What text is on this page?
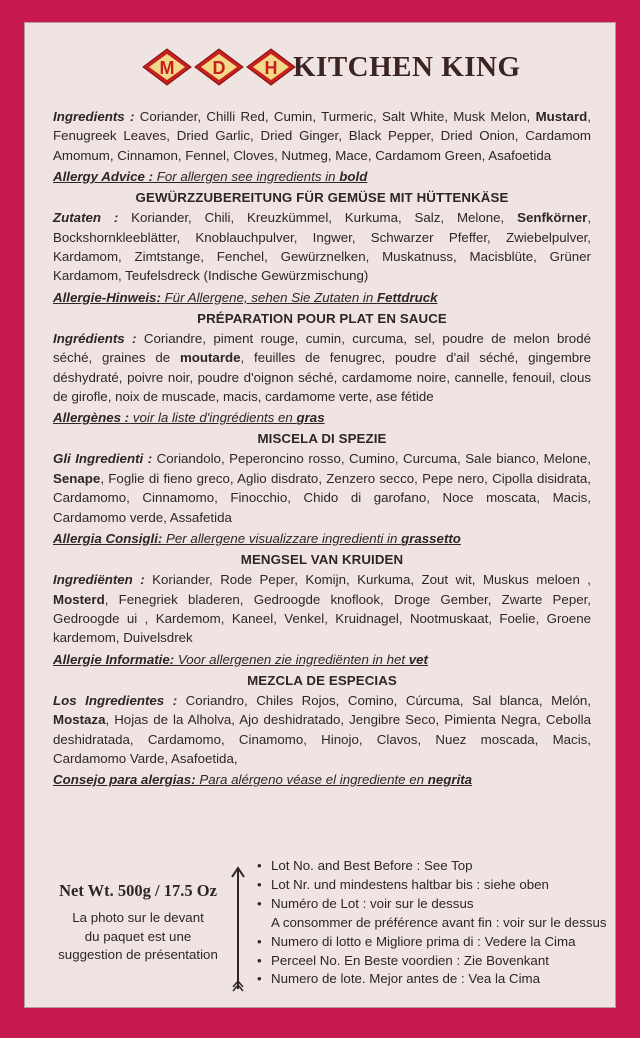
M D H KITCHEN KING
Ingredients : Coriander, Chilli Red, Cumin, Turmeric, Salt White, Musk Melon, Mustard, Fenugreek Leaves, Dried Garlic, Dried Ginger, Black Pepper, Dried Onion, Cardamom Amomum, Cinnamon, Fennel, Cloves, Nutmeg, Mace, Cardamom Green, Asafoetida
Allergy Advice : For allergen see ingredients in bold
GEWÜRZZUBEREITUNG FÜR GEMÜSE MIT HÜTTENKÄSE
Zutaten : Koriander, Chili, Kreuzkümmel, Kurkuma, Salz, Melone, Senfkörner, Bockshornkleeblätter, Knoblauchpulver, Ingwer, Schwarzer Pfeffer, Zwiebelpulver, Kardamom, Zimtstange, Fenchel, Gewürznelken, Muskatnuss, Macisblüte, Grüner Kardamom, Teufelsdreck (Indische Gewürzmischung)
Allergie-Hinweis: Für Allergene, sehen Sie Zutaten in Fettdruck
PRÉPARATION POUR PLAT EN SAUCE
Ingrédients : Coriandre, piment rouge, cumin, curcuma, sel, poudre de melon brodé séché, graines de moutarde, feuilles de fenugrec, poudre d'ail séché, gingembre déshydraté, poivre noir, poudre d'oignon séché, cardamome noire, cannelle, fenouil, clous de girofle, noix de muscade, macis, cardamome verte, ase fétide
Allergènes : voir la liste d'ingrédients en gras
MISCELA DI SPEZIE
Gli Ingredienti : Coriandolo, Peperoncino rosso, Cumino, Curcuma, Sale bianco, Melone, Senape, Foglie di fieno greco, Aglio disdrato, Zenzero secco, Pepe nero, Cipolla disidrata, Cardamomo, Cinnamomo, Finocchio, Chido di garofano, Noce moscata, Macis, Cardamomo verde, Assafetida
Allergia Consigli: Per allergene visualizzare ingredienti in grassetto
MENGSEL VAN KRUIDEN
Ingrediënten : Koriander, Rode Peper, Komijn, Kurkuma, Zout wit, Muskus meloen , Mosterd, Fenegriek bladeren, Gedroogde knoflook, Droge Gember, Zwarte Peper, Gedroogde ui , Kardemom, Kaneel, Venkel, Kruidnagel, Nootmuskaat, Foelie, Groene kardemom, Duivelsdrek
Allergie Informatie: Voor allergenen zie ingrediënten in het vet
MEZCLA DE ESPECIAS
Los Ingredientes : Coriandro, Chiles Rojos, Comino, Cúrcuma, Sal blanca, Melón, Mostaza, Hojas de la Alholva, Ajo deshidratado, Jengibre Seco, Pimienta Negra, Cebolla deshidratada, Cardamomo, Cinamomo, Hinojo, Clavos, Nuez moscada, Macis, Cardamomo Varde, Asafoetida,
Consejo para alergias: Para alérgeno véase el ingrediente en negrita
Net Wt. 500g / 17.5 Oz
La photo sur le devant
du paquet est une
suggestion de présentation
• Lot No. and Best Before : See Top
• Lot Nr. und mindestens haltbar bis : siehe oben
• Numéro de Lot : voir sur le dessus
A consommer de préférence avant fin : voir sur le dessus
• Numero di lotto e Migliore prima di : Vedere la Cima
• Perceel No. En Beste voordien : Zie Bovenkant
• Numero de lote. Mejor antes de : Vea la Cima
